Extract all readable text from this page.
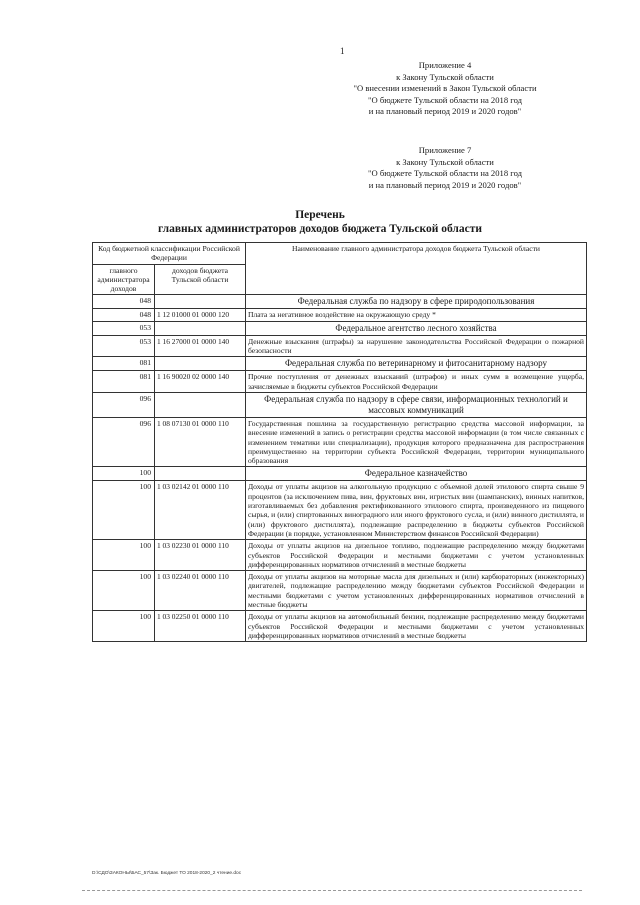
1
Приложение 4
к Закону Тульской области
"О внесении изменений в Закон Тульской области
"О бюджете Тульской области на 2018 год
и на плановый период 2019 и 2020 годов"
Приложение 7
к Закону Тульской области
"О бюджете Тульской области на 2018 год
и на плановый период 2019 и 2020 годов"
Перечень
главных администраторов доходов бюджета Тульской области
Код бюджетной классификации Российской Федерации		Наименование главного администратора доходов бюджета Тульской области
главного администратора доходов	доходов бюджета Тульской области	
048		Федеральная служба по надзору в сфере природопользования
048	1 12 01000 01 0000 120	Плата за негативное воздействие на окружающую среду *
053		Федеральное агентство лесного хозяйства
053	1 16 27000 01 0000 140	Денежные взыскания (штрафы) за нарушение законодательства Российской Федерации о пожарной безопасности
081		Федеральная служба по ветеринарному и фитосанитарному надзору
081	1 16 90020 02 0000 140	Прочие поступления от денежных взысканий (штрафов) и иных сумм в возмещение ущерба, зачисляемые в бюджеты субъектов Российской Федерации
096		Федеральная служба по надзору в сфере связи, информационных технологий и массовых коммуникаций
096	1 08 07130 01 0000 110	Государственная пошлина за государственную регистрацию средства массовой информации, за внесение изменений в запись о регистрации средства массовой информации (в том числе связанных с изменением тематики или специализации), продукция которого предназначена для распространения преимущественно на территории субъекта Российской Федерации, территории муниципального образования
100		Федеральное казначейство
100	1 03 02142 01 0000 110	Доходы от уплаты акцизов на алкогольную продукцию с объемной долей этилового спирта свыше 9 процентов (за исключением пива, вин, фруктовых вин, игристых вин (шампанских), винных напитков, изготавливаемых без добавления ректификованного этилового спирта, произведенного из пищевого сырья, и (или) спиртованных виноградного или иного фруктового сусла, и (или) винного дистиллята, и (или) фруктового дистиллята), подлежащие распределению в бюджеты субъектов Российской Федерации (в порядке, установленном Министерством финансов Российской Федерации)
100	1 03 02230 01 0000 110	Доходы от уплаты акцизов на дизельное топливо, подлежащие распределению между бюджетами субъектов Российской Федерации и местными бюджетами с учетом установленных дифференцированных нормативов отчислений в местные бюджеты
100	1 03 02240 01 0000 110	Доходы от уплаты акцизов на моторные масла для дизельных и (или) карбюраторных (инжекторных) двигателей, подлежащие распределению между бюджетами субъектов Российской Федерации и местными бюджетами с учетом установленных дифференцированных нормативов отчислений в местные бюджеты
100	1 03 02250 01 0000 110	Доходы от уплаты акцизов на автомобильный бензин, подлежащие распределению между бюджетами субъектов Российской Федерации и местными бюджетами с учетом установленных дифференцированных нормативов отчислений в местные бюджеты
D:\СДО\ЗАКОНЫ\БАС_57\Зак. Бюджет ТО 2018-2020_2 чтение.doc
